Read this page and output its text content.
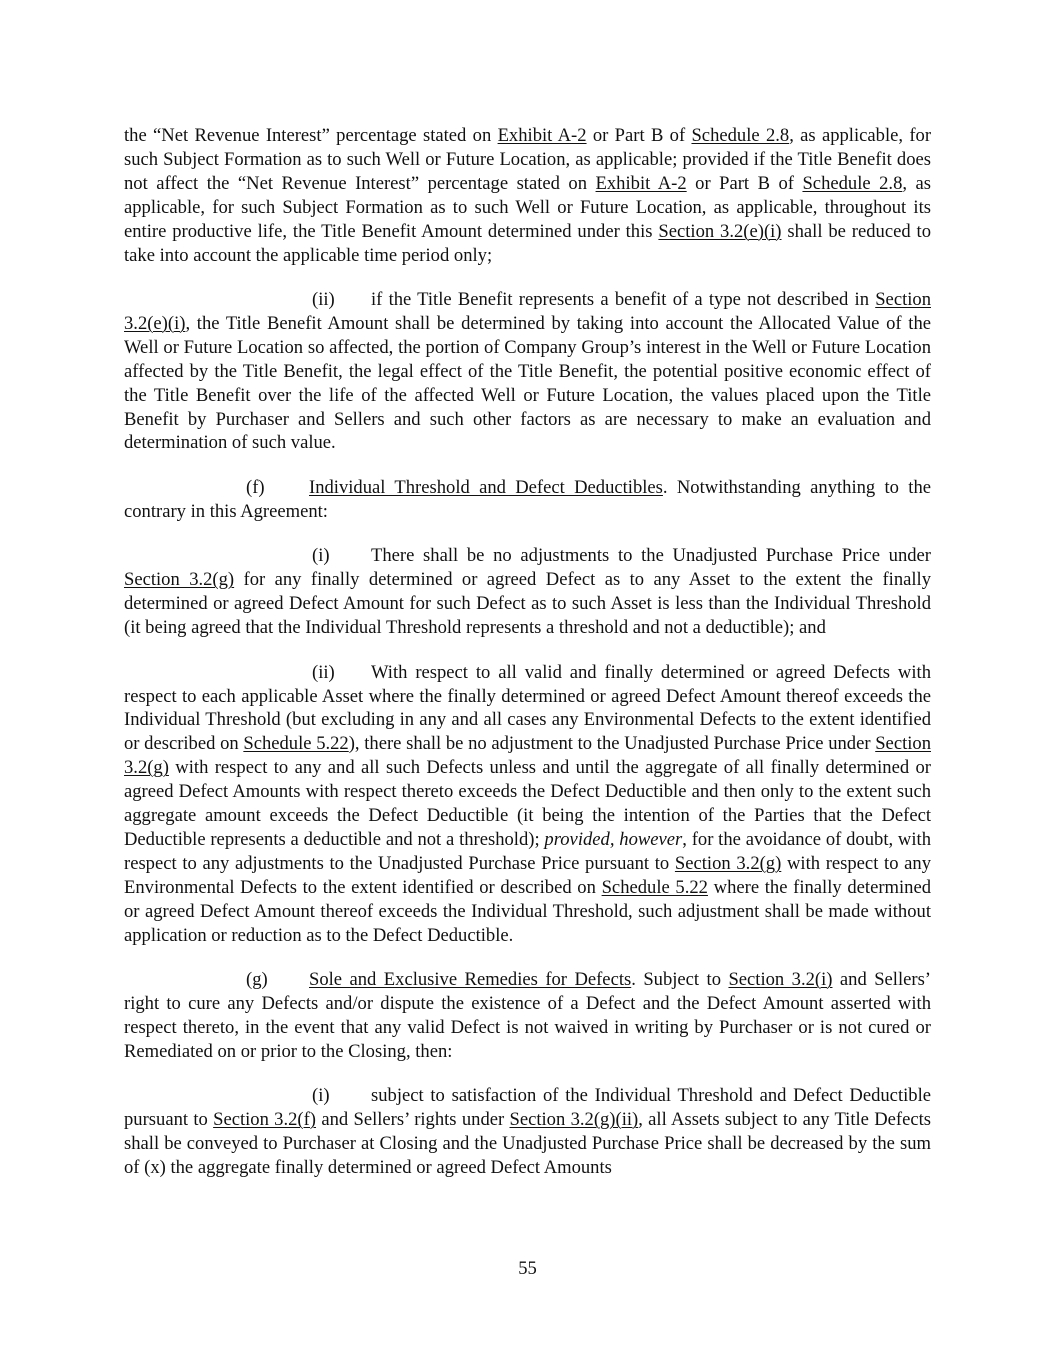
the “Net Revenue Interest” percentage stated on Exhibit A-2 or Part B of Schedule 2.8, as applicable, for such Subject Formation as to such Well or Future Location, as applicable; provided if the Title Benefit does not affect the “Net Revenue Interest” percentage stated on Exhibit A-2 or Part B of Schedule 2.8, as applicable, for such Subject Formation as to such Well or Future Location, as applicable, throughout its entire productive life, the Title Benefit Amount determined under this Section 3.2(e)(i) shall be reduced to take into account the applicable time period only;

(ii) if the Title Benefit represents a benefit of a type not described in Section 3.2(e)(i), the Title Benefit Amount shall be determined by taking into account the Allocated Value of the Well or Future Location so affected, the portion of Company Group’s interest in the Well or Future Location affected by the Title Benefit, the legal effect of the Title Benefit, the potential positive economic effect of the Title Benefit over the life of the affected Well or Future Location, the values placed upon the Title Benefit by Purchaser and Sellers and such other factors as are necessary to make an evaluation and determination of such value.

(f) Individual Threshold and Defect Deductibles. Notwithstanding anything to the contrary in this Agreement:

(i) There shall be no adjustments to the Unadjusted Purchase Price under Section 3.2(g) for any finally determined or agreed Defect as to any Asset to the extent the finally determined or agreed Defect Amount for such Defect as to such Asset is less than the Individual Threshold (it being agreed that the Individual Threshold represents a threshold and not a deductible); and

(ii) With respect to all valid and finally determined or agreed Defects with respect to each applicable Asset where the finally determined or agreed Defect Amount thereof exceeds the Individual Threshold (but excluding in any and all cases any Environmental Defects to the extent identified or described on Schedule 5.22), there shall be no adjustment to the Unadjusted Purchase Price under Section 3.2(g) with respect to any and all such Defects unless and until the aggregate of all finally determined or agreed Defect Amounts with respect thereto exceeds the Defect Deductible and then only to the extent such aggregate amount exceeds the Defect Deductible (it being the intention of the Parties that the Defect Deductible represents a deductible and not a threshold); provided, however, for the avoidance of doubt, with respect to any adjustments to the Unadjusted Purchase Price pursuant to Section 3.2(g) with respect to any Environmental Defects to the extent identified or described on Schedule 5.22 where the finally determined or agreed Defect Amount thereof exceeds the Individual Threshold, such adjustment shall be made without application or reduction as to the Defect Deductible.

(g) Sole and Exclusive Remedies for Defects. Subject to Section 3.2(i) and Sellers’ right to cure any Defects and/or dispute the existence of a Defect and the Defect Amount asserted with respect thereto, in the event that any valid Defect is not waived in writing by Purchaser or is not cured or Remediated on or prior to the Closing, then:

(i) subject to satisfaction of the Individual Threshold and Defect Deductible pursuant to Section 3.2(f) and Sellers’ rights under Section 3.2(g)(ii), all Assets subject to any Title Defects shall be conveyed to Purchaser at Closing and the Unadjusted Purchase Price shall be decreased by the sum of (x) the aggregate finally determined or agreed Defect Amounts

55
